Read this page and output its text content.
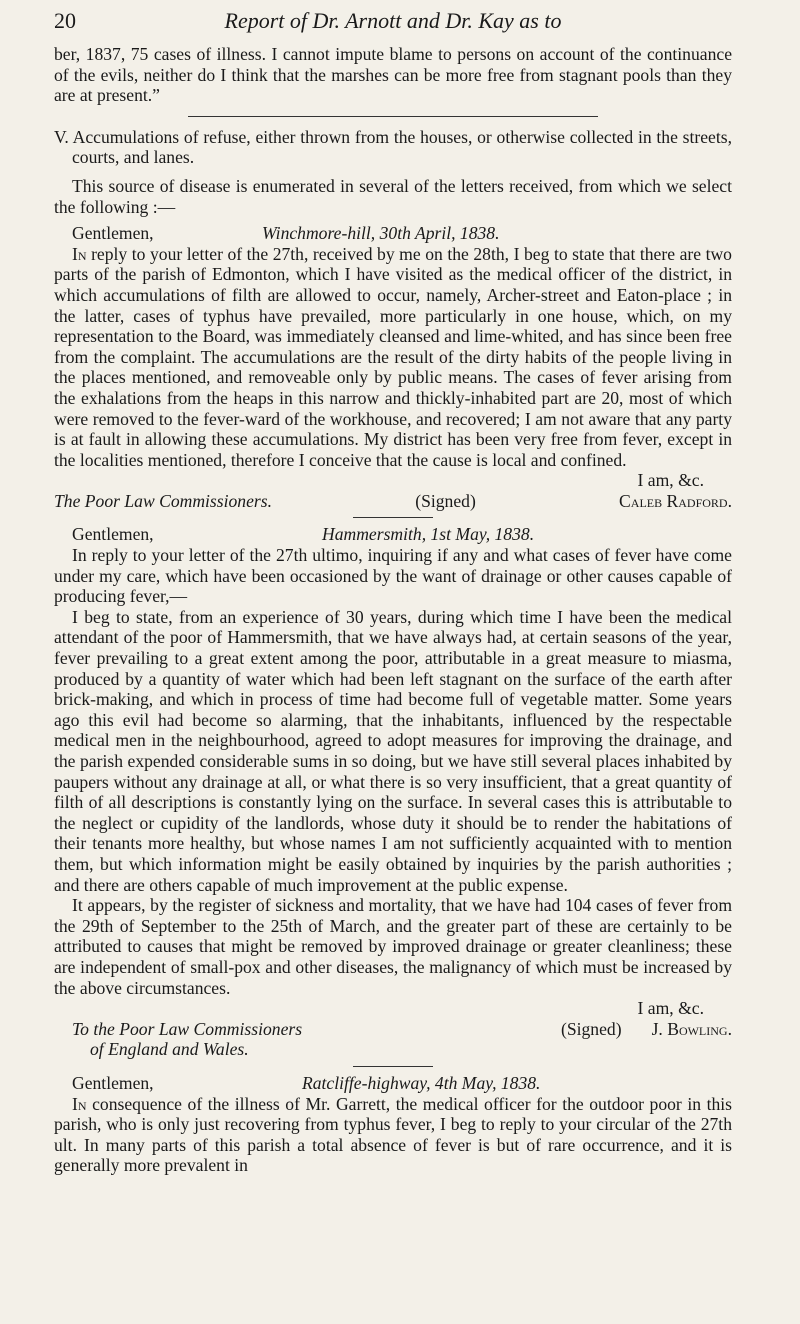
20	Report of Dr. Arnott and Dr. Kay as to

ber, 1837, 75 cases of illness. I cannot impute blame to persons on account of the continuance of the evils, neither do I think that the marshes can be more free from stagnant pools than they are at present.”

V. Accumulations of refuse, either thrown from the houses, or otherwise collected in the streets, courts, and lanes.

This source of disease is enumerated in several of the letters received, from which we select the following :—

Gentlemen,	Winchmore-hill, 30th April, 1838.

In reply to your letter of the 27th, received by me on the 28th, I beg to state that there are two parts of the parish of Edmonton, which I have visited as the medical officer of the district, in which accumulations of filth are allowed to occur, namely, Archer-street and Eaton-place ; in the latter, cases of typhus have prevailed, more particularly in one house, which, on my representation to the Board, was immediately cleansed and lime-whited, and has since been free from the complaint. The accumulations are the result of the dirty habits of the people living in the places mentioned, and removeable only by public means. The cases of fever arising from the exhalations from the heaps in this narrow and thickly-inhabited part are 20, most of which were removed to the fever-ward of the workhouse, and recovered; I am not aware that any party is at fault in allowing these accumulations. My district has been very free from fever, except in the localities mentioned, therefore I conceive that the cause is local and confined.

I am, &c.

The Poor Law Commissioners.	(Signed)	Caleb Radford.
Gentlemen,	Hammersmith, 1st May, 1838.

In reply to your letter of the 27th ultimo, inquiring if any and what cases of fever have come under my care, which have been occasioned by the want of drainage or other causes capable of producing fever,—

I beg to state, from an experience of 30 years, during which time I have been the medical attendant of the poor of Hammersmith, that we have always had, at certain seasons of the year, fever prevailing to a great extent among the poor, attributable in a great measure to miasma, produced by a quantity of water which had been left stagnant on the surface of the earth after brick-making, and which in process of time had become full of vegetable matter. Some years ago this evil had become so alarming, that the inhabitants, influenced by the respectable medical men in the neighbourhood, agreed to adopt measures for improving the drainage, and the parish expended considerable sums in so doing, but we have still several places inhabited by paupers without any drainage at all, or what there is so very insufficient, that a great quantity of filth of all descriptions is constantly lying on the surface. In several cases this is attributable to the neglect or cupidity of the landlords, whose duty it should be to render the habitations of their tenants more healthy, but whose names I am not sufficiently acquainted with to mention them, but which information might be easily obtained by inquiries by the parish authorities ; and there are others capable of much improvement at the public expense.

It appears, by the register of sickness and mortality, that we have had 104 cases of fever from the 29th of September to the 25th of March, and the greater part of these are certainly to be attributed to causes that might be removed by improved drainage or greater cleanliness; these are independent of small-pox and other diseases, the malignancy of which must be increased by the above circumstances.

I am, &c.

To the Poor Law Commissioners	(Signed)	J. Bowling.

of England and Wales.

Gentlemen,	Ratcliffe-highway, 4th May, 1838.

In consequence of the illness of Mr. Garrett, the medical officer for the outdoor poor in this parish, who is only just recovering from typhus fever, I beg to reply to your circular of the 27th ult. In many parts of this parish a total absence of fever is but of rare occurrence, and it is generally more prevalent in
